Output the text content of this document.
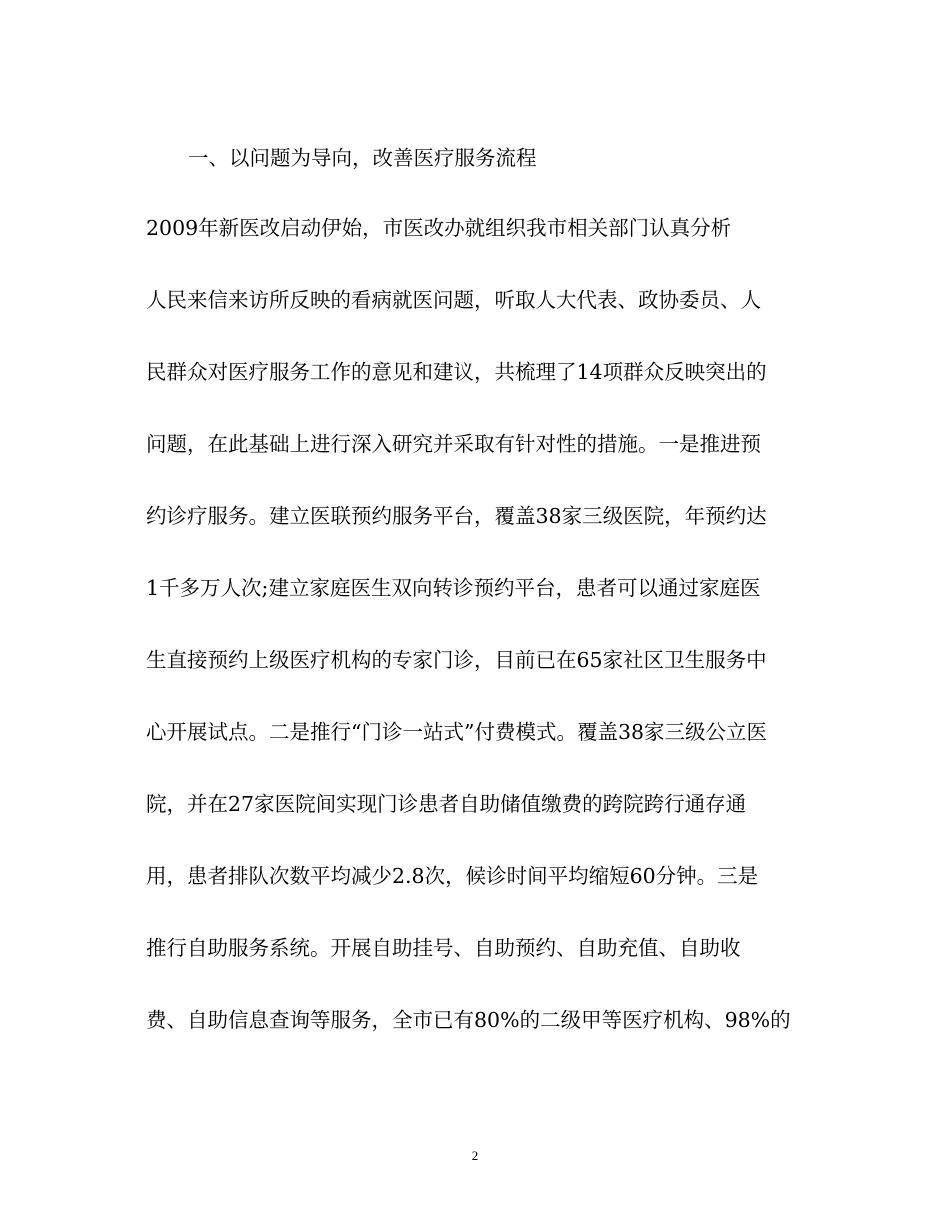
一、以问题为导向，改善医疗服务流程
2009年新医改启动伊始，市医改办就组织我市相关部门认真分析
人民来信来访所反映的看病就医问题，听取人大代表、政协委员、人
民群众对医疗服务工作的意见和建议，共梳理了14项群众反映突出的
问题，在此基础上进行深入研究并采取有针对性的措施。一是推进预
约诊疗服务。建立医联预约服务平台，覆盖38家三级医院，年预约达
1千多万人次;建立家庭医生双向转诊预约平台，患者可以通过家庭医
生直接预约上级医疗机构的专家门诊，目前已在65家社区卫生服务中
心开展试点。二是推行“门诊一站式”付费模式。覆盖38家三级公立医
院，并在27家医院间实现门诊患者自助储值缴费的跨院跨行通存通
用，患者排队次数平均减少2.8次，候诊时间平均缩短60分钟。三是
推行自助服务系统。开展自助挂号、自助预约、自助充值、自助收
费、自助信息查询等服务，全市已有80%的二级甲等医疗机构、98%的
2
